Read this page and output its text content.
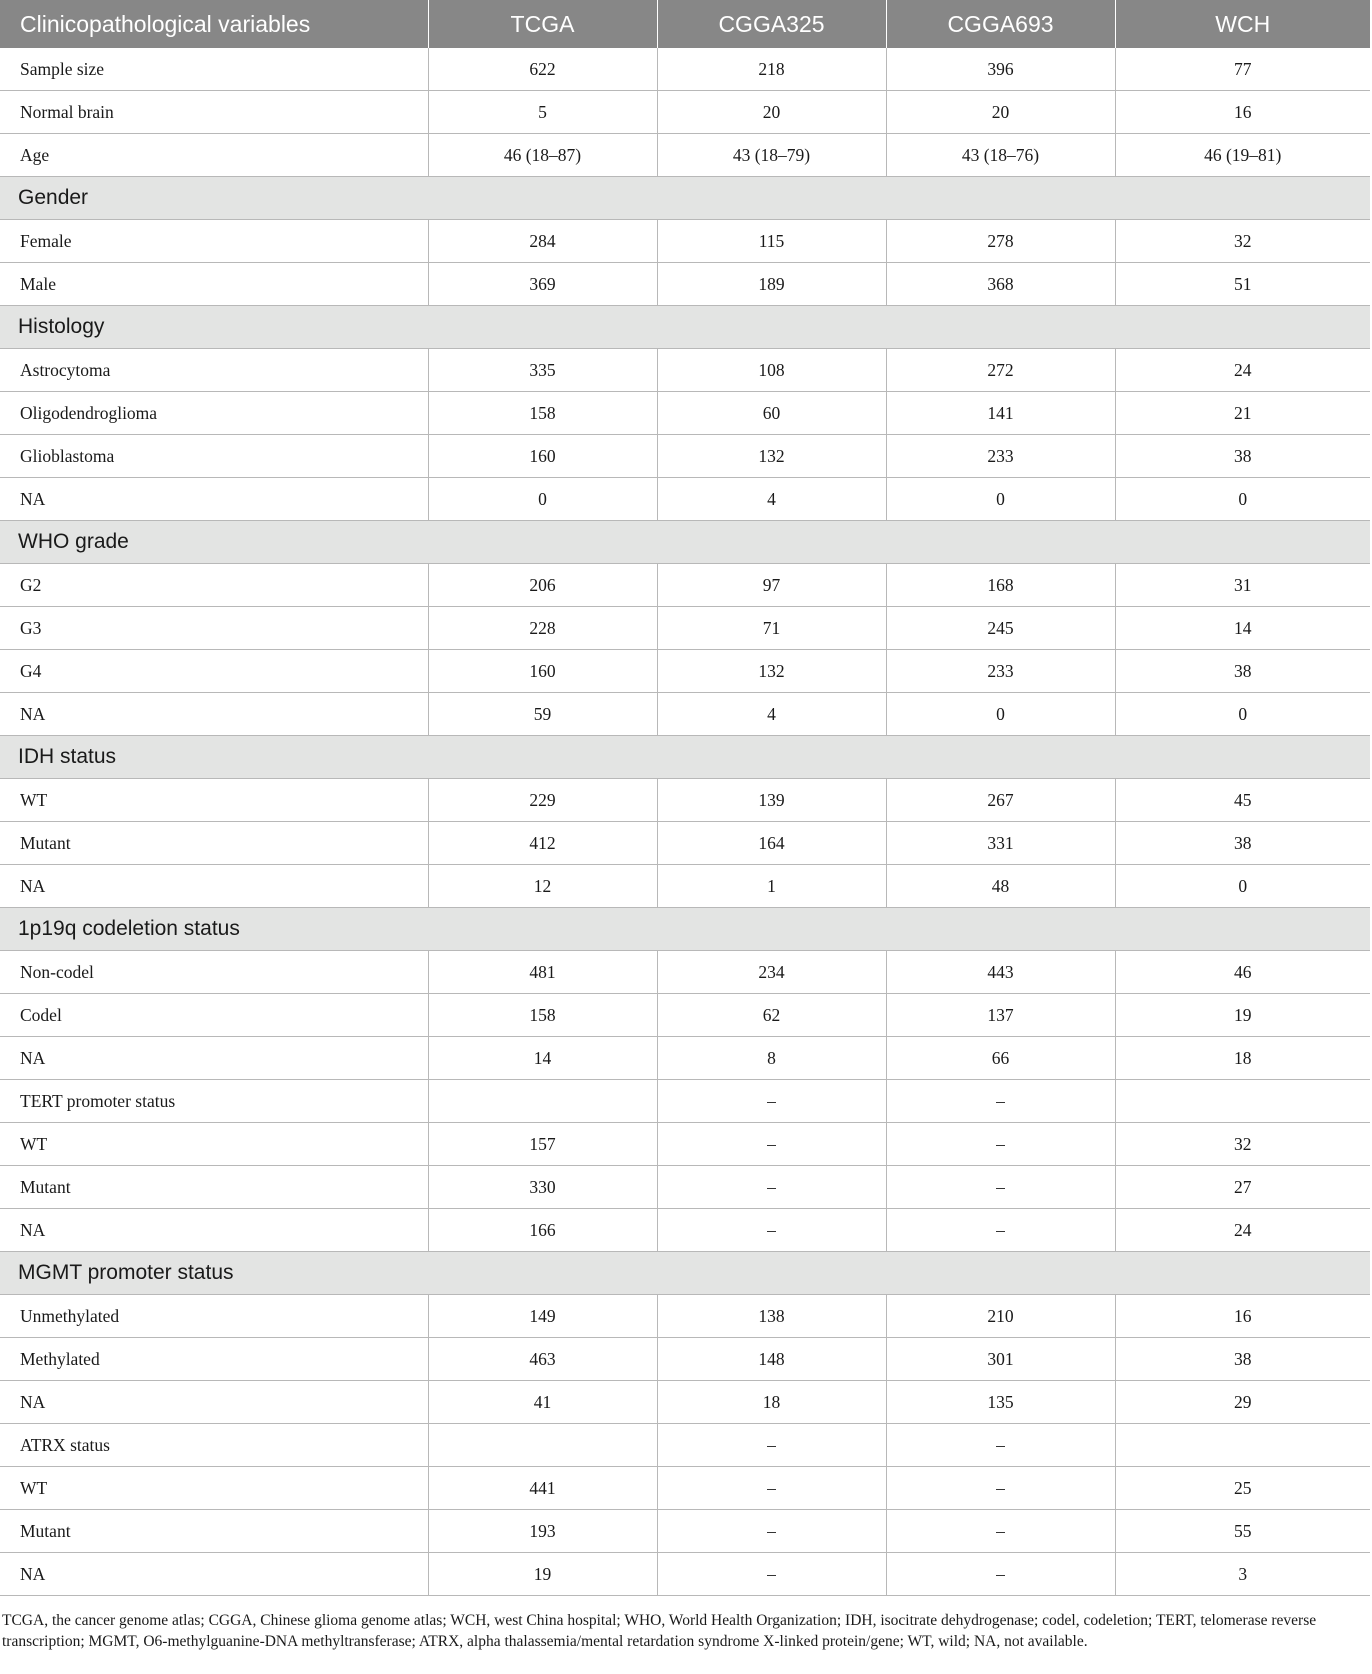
Clinicopathological variables	TCGA	CGGA325	CGGA693	WCH
Sample size	622	218	396	77
Normal brain	5	20	20	16
Age	46 (18–87)	43 (18–79)	43 (18–76)	46 (19–81)
Gender				
Female	284	115	278	32
Male	369	189	368	51
Histology				
Astrocytoma	335	108	272	24
Oligodendroglioma	158	60	141	21
Glioblastoma	160	132	233	38
NA	0	4	0	0
WHO grade				
G2	206	97	168	31
G3	228	71	245	14
G4	160	132	233	38
NA	59	4	0	0
IDH status				
WT	229	139	267	45
Mutant	412	164	331	38
NA	12	1	48	0
1p19q codeletion status				
Non-codel	481	234	443	46
Codel	158	62	137	19
NA	14	8	66	18
TERT promoter status		–	–	
WT	157	–	–	32
Mutant	330	–	–	27
NA	166	–	–	24
MGMT promoter status				
Unmethylated	149	138	210	16
Methylated	463	148	301	38
NA	41	18	135	29
ATRX status		–	–	
WT	441	–	–	25
Mutant	193	–	–	55
NA	19	–	–	3
TCGA, the cancer genome atlas; CGGA, Chinese glioma genome atlas; WCH, west China hospital; WHO, World Health Organization; IDH, isocitrate dehydrogenase; codel, codeletion; TERT, telomerase reverse transcription; MGMT, O6-methylguanine-DNA methyltransferase; ATRX, alpha thalassemia/mental retardation syndrome X-linked protein/gene; WT, wild; NA, not available.
